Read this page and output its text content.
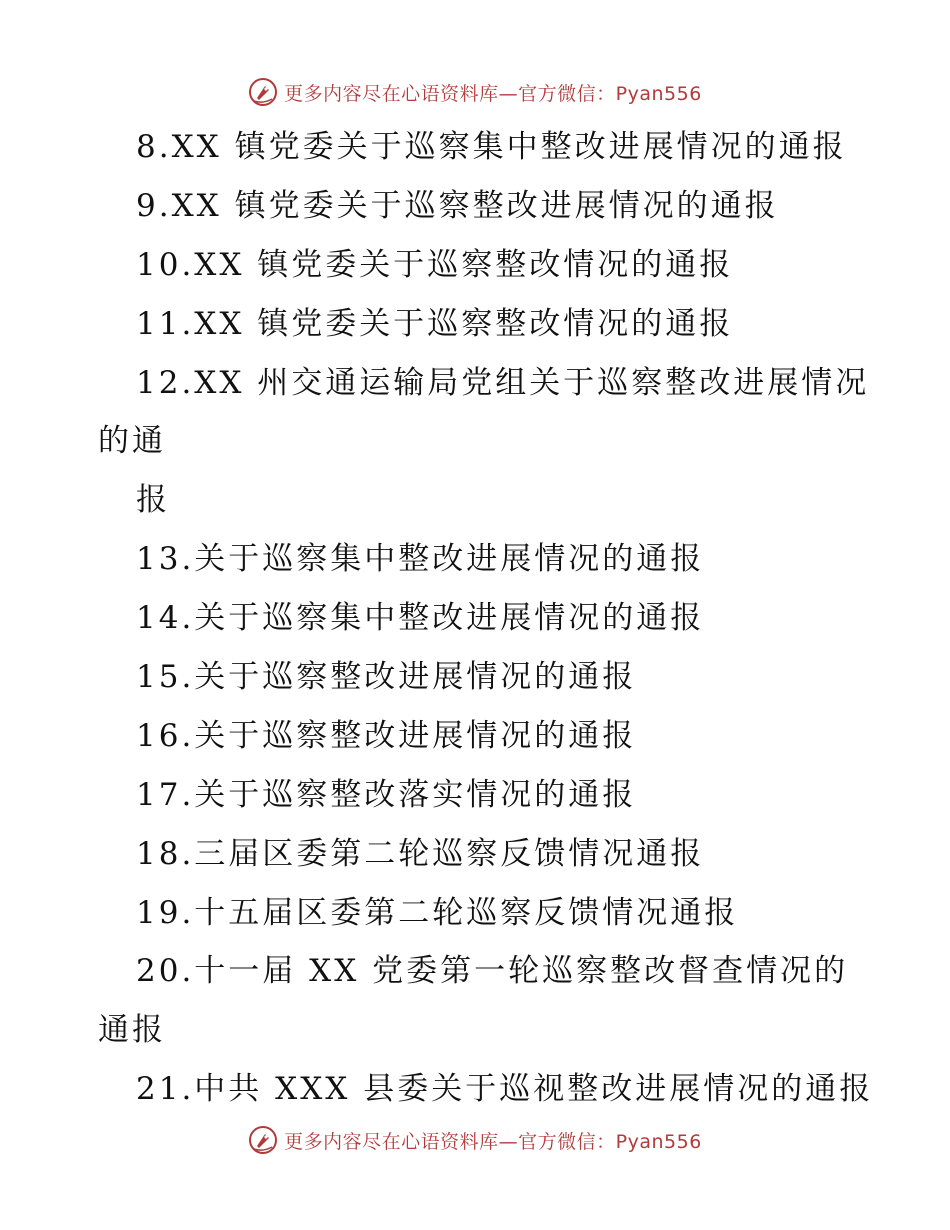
更多内容尽在心语资料库—官方微信：Pyan556
8.XX 镇党委关于巡察集中整改进展情况的通报
9.XX 镇党委关于巡察整改进展情况的通报
10.XX 镇党委关于巡察整改情况的通报
11.XX 镇党委关于巡察整改情况的通报
12.XX 州交通运输局党组关于巡察整改进展情况
的通
报
13.关于巡察集中整改进展情况的通报
14.关于巡察集中整改进展情况的通报
15.关于巡察整改进展情况的通报
16.关于巡察整改进展情况的通报
17.关于巡察整改落实情况的通报
18.三届区委第二轮巡察反馈情况通报
19.十五届区委第二轮巡察反馈情况通报
20.十一届 XX 党委第一轮巡察整改督查情况的
通报
21.中共 XXX 县委关于巡视整改进展情况的通报
更多内容尽在心语资料库—官方微信：Pyan556
